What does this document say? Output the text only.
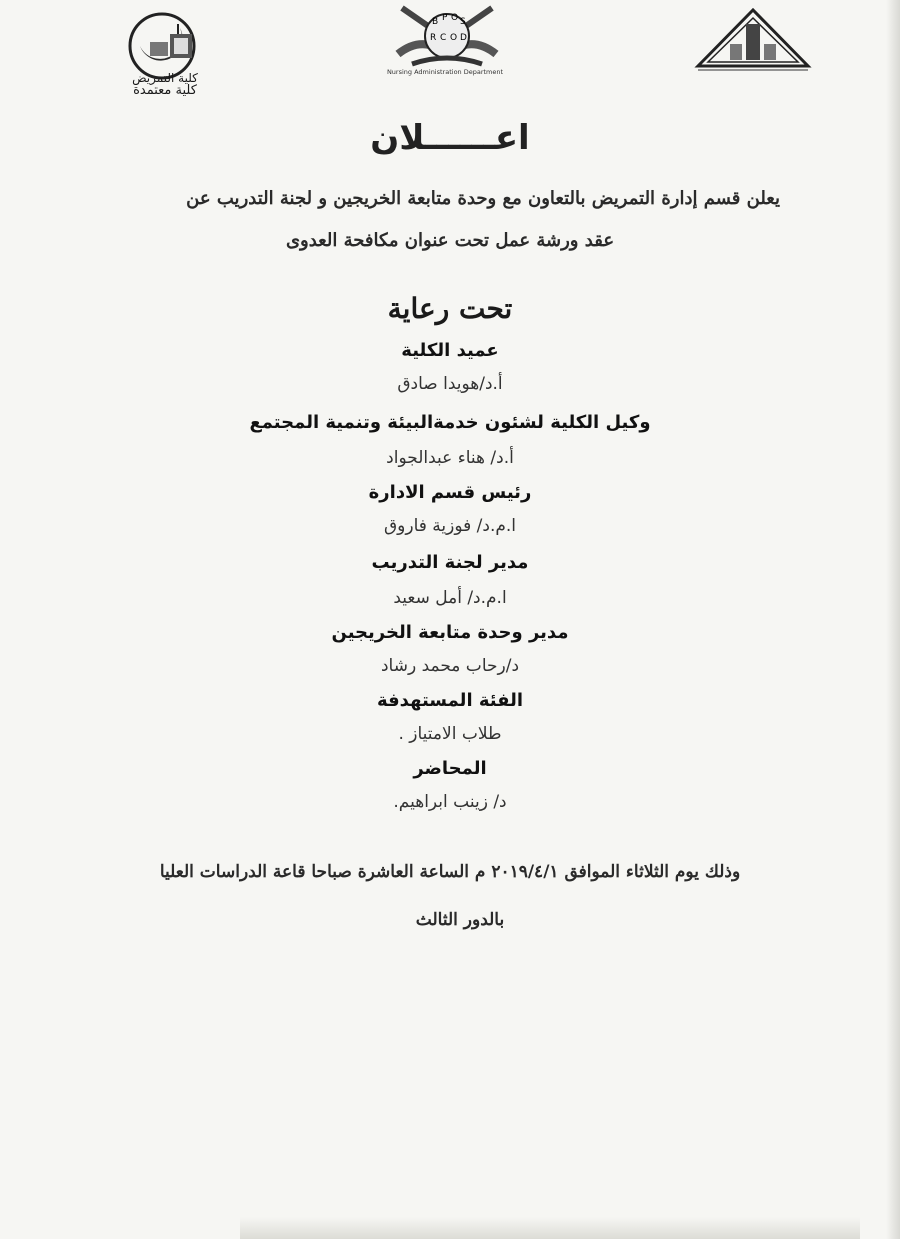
كلية التمريض
كلية معتمدة
B P O S
R C O D
Nursing Administration Department
اعــــــلان
يعلن قسم إدارة التمريض بالتعاون مع وحدة متابعة الخريجين و لجنة التدريب عن
عقد ورشة عمل تحت عنوان مكافحة العدوى
تحت رعاية
عميد الكلية
أ.د/هويدا صادق
وكيل الكلية لشئون خدمةالبيئة وتنمية المجتمع
أ.د/ هناء عبدالجواد
رئيس قسم الادارة
ا.م.د/ فوزية فاروق
مدير لجنة التدريب
ا.م.د/ أمل سعيد
مدير وحدة متابعة الخريجين
د/رحاب محمد رشاد
الفئة المستهدفة
طلاب الامتياز .
المحاضر
د/ زينب ابراهيم.
وذلك يوم الثلاثاء الموافق ٢٠١٩/٤/١ م الساعة العاشرة صباحا قاعة الدراسات العليا
بالدور الثالث
